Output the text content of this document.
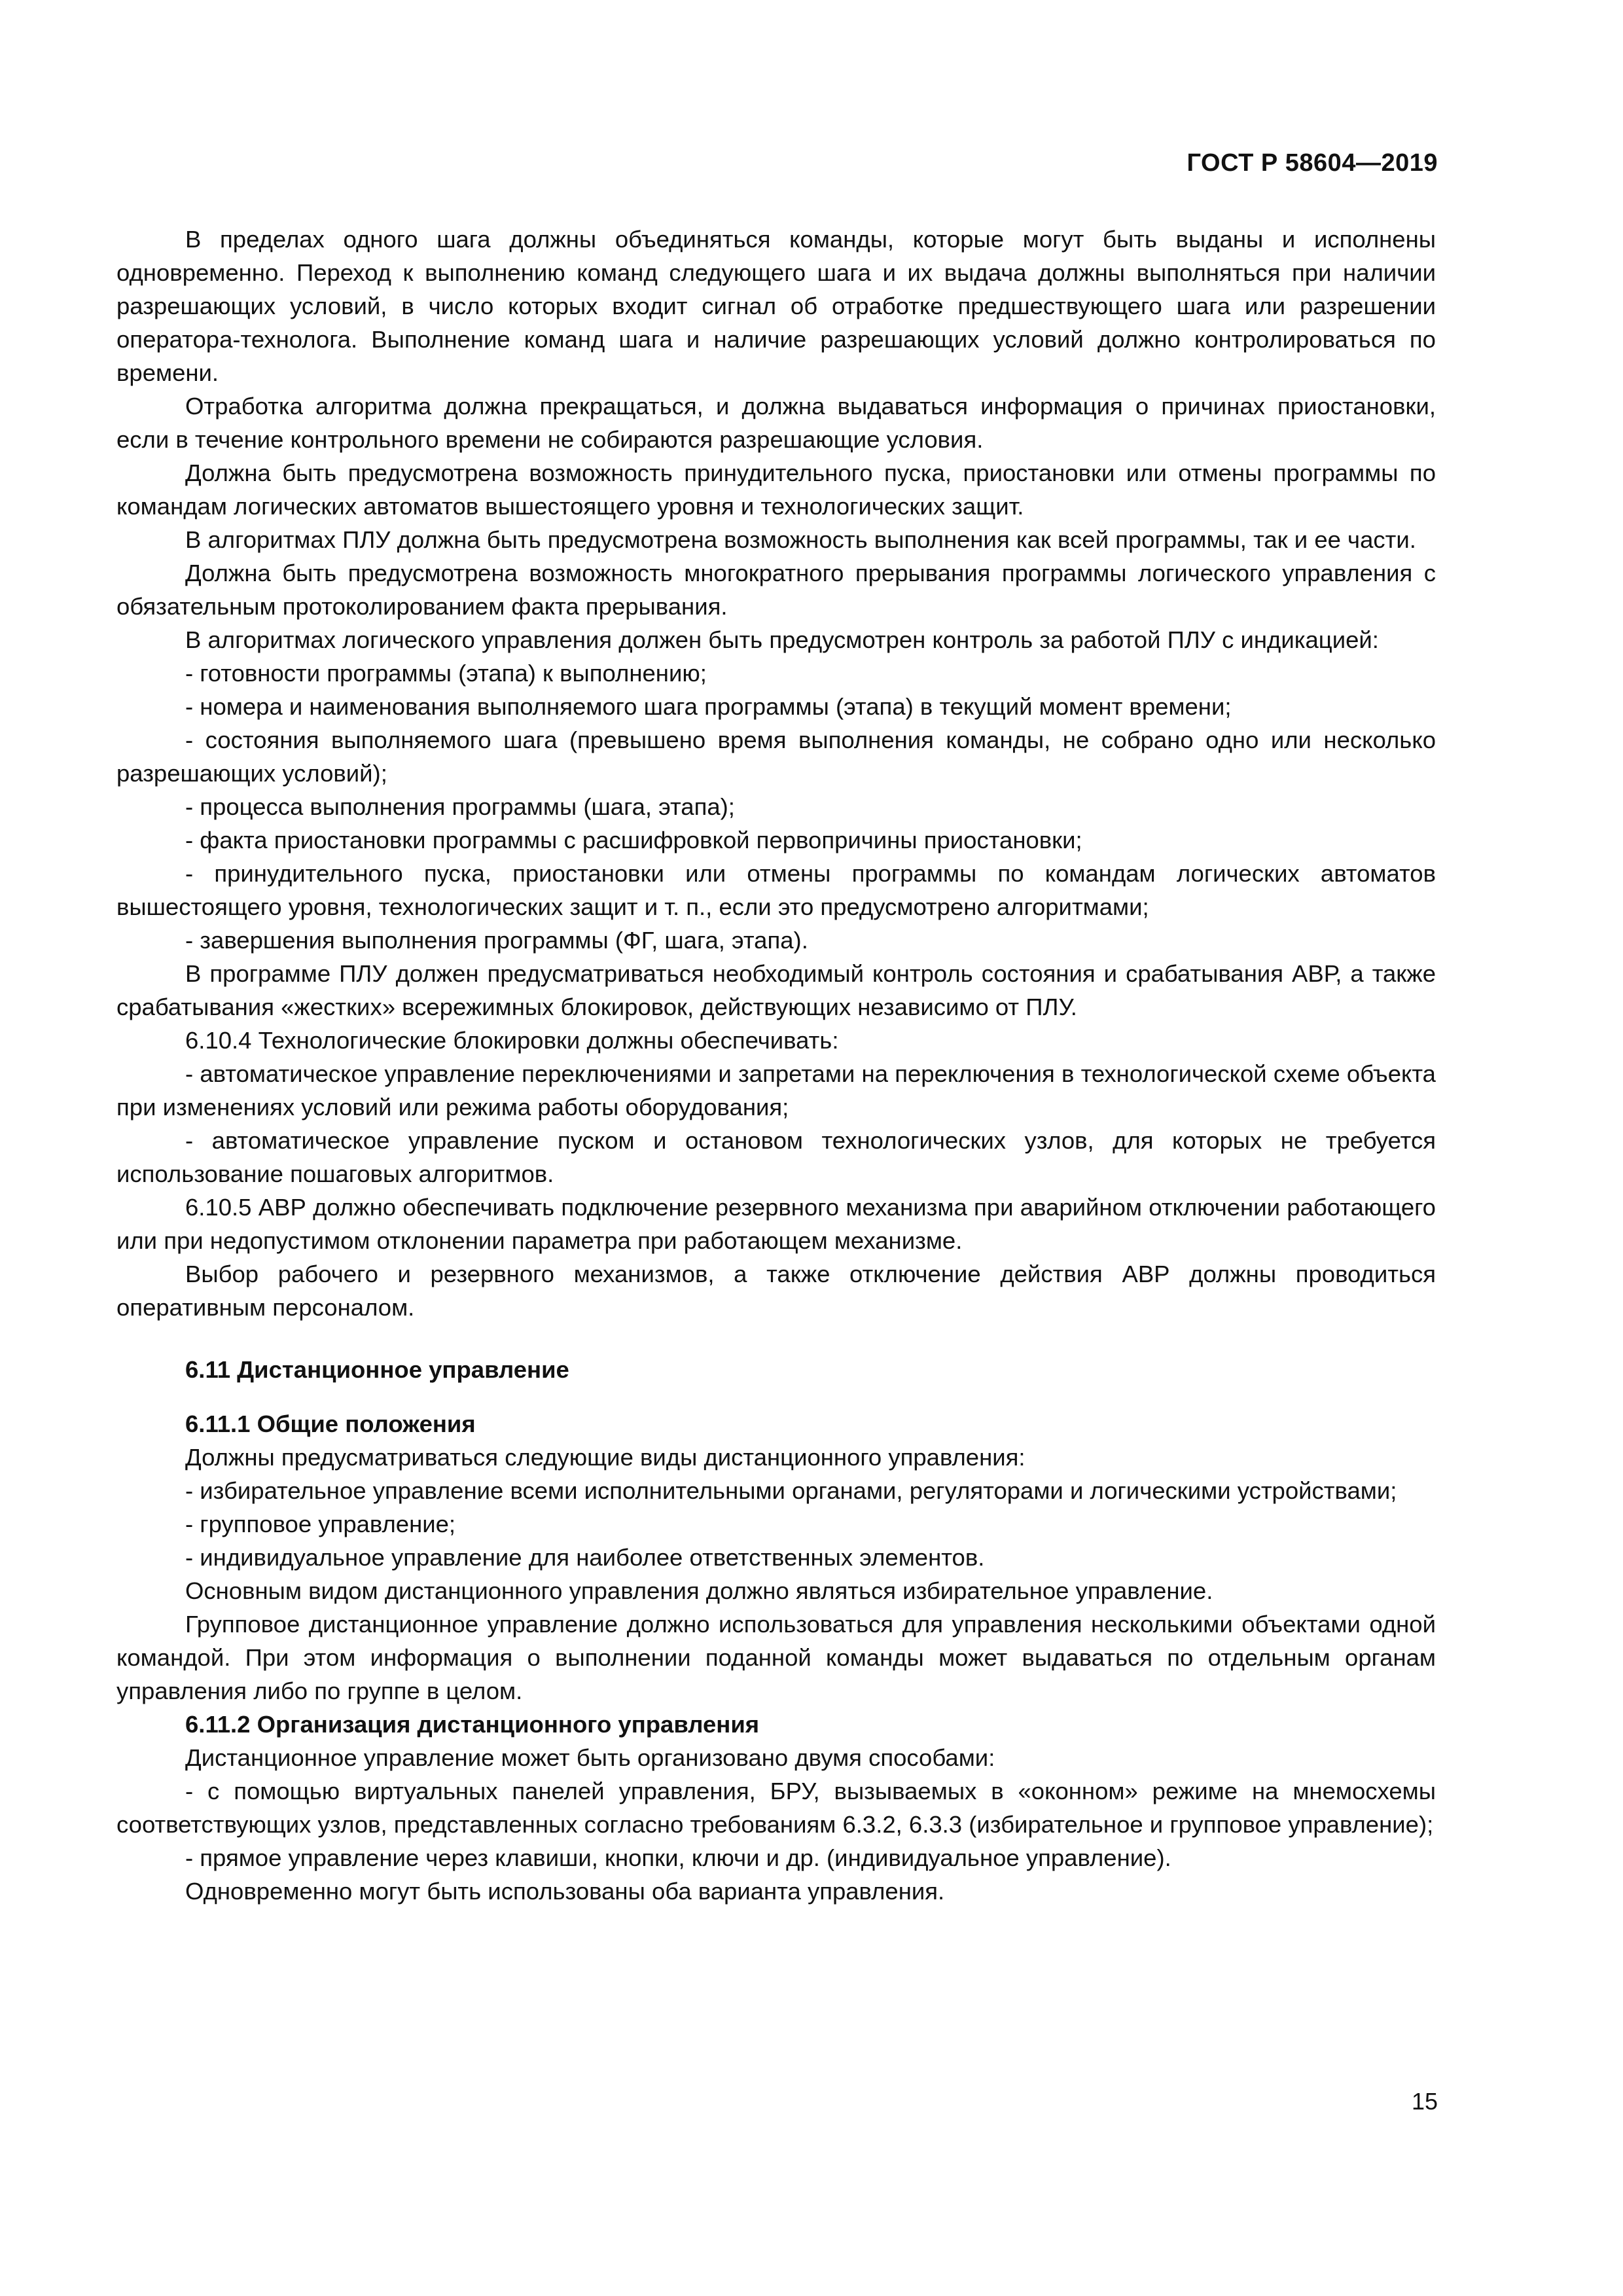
ГОСТ Р 58604—2019

В пределах одного шага должны объединяться команды, которые могут быть выданы и исполнены одновременно. Переход к выполнению команд следующего шага и их выдача должны выполняться при наличии разрешающих условий, в число которых входит сигнал об отработке предшествующего шага или разрешении оператора-технолога. Выполнение команд шага и наличие разрешающих условий должно контролироваться по времени.

Отработка алгоритма должна прекращаться, и должна выдаваться информация о причинах приостановки, если в течение контрольного времени не собираются разрешающие условия.

Должна быть предусмотрена возможность принудительного пуска, приостановки или отмены программы по командам логических автоматов вышестоящего уровня и технологических защит.

В алгоритмах ПЛУ должна быть предусмотрена возможность выполнения как всей программы, так и ее части.

Должна быть предусмотрена возможность многократного прерывания программы логического управления с обязательным протоколированием факта прерывания.

В алгоритмах логического управления должен быть предусмотрен контроль за работой ПЛУ с индикацией:

- готовности программы (этапа) к выполнению;

- номера и наименования выполняемого шага программы (этапа) в текущий момент времени;

- состояния выполняемого шага (превышено время выполнения команды, не собрано одно или несколько разрешающих условий);

- процесса выполнения программы (шага, этапа);

- факта приостановки программы с расшифровкой первопричины приостановки;

- принудительного пуска, приостановки или отмены программы по командам логических автоматов вышестоящего уровня, технологических защит и т. п., если это предусмотрено алгоритмами;

- завершения выполнения программы (ФГ, шага, этапа).

В программе ПЛУ должен предусматриваться необходимый контроль состояния и срабатывания АВР, а также срабатывания «жестких» всережимных блокировок, действующих независимо от ПЛУ.

6.10.4 Технологические блокировки должны обеспечивать:

- автоматическое управление переключениями и запретами на переключения в технологической схеме объекта при изменениях условий или режима работы оборудования;

- автоматическое управление пуском и остановом технологических узлов, для которых не требуется использование пошаговых алгоритмов.

6.10.5 АВР должно обеспечивать подключение резервного механизма при аварийном отключении работающего или при недопустимом отклонении параметра при работающем механизме.

Выбор рабочего и резервного механизмов, а также отключение действия АВР должны проводиться оперативным персоналом.

6.11 Дистанционное управление

6.11.1 Общие положения

Должны предусматриваться следующие виды дистанционного управления:

- избирательное управление всеми исполнительными органами, регуляторами и логическими устройствами;

- групповое управление;

- индивидуальное управление для наиболее ответственных элементов.

Основным видом дистанционного управления должно являться избирательное управление.

Групповое дистанционное управление должно использоваться для управления несколькими объектами одной командой. При этом информация о выполнении поданной команды может выдаваться по отдельным органам управления либо по группе в целом.

6.11.2 Организация дистанционного управления

Дистанционное управление может быть организовано двумя способами:

- с помощью виртуальных панелей управления, БРУ, вызываемых в «оконном» режиме на мнемосхемы соответствующих узлов, представленных согласно требованиям 6.3.2, 6.3.3 (избирательное и групповое управление);

- прямое управление через клавиши, кнопки, ключи и др. (индивидуальное управление).

Одновременно могут быть использованы оба варианта управления.

15
